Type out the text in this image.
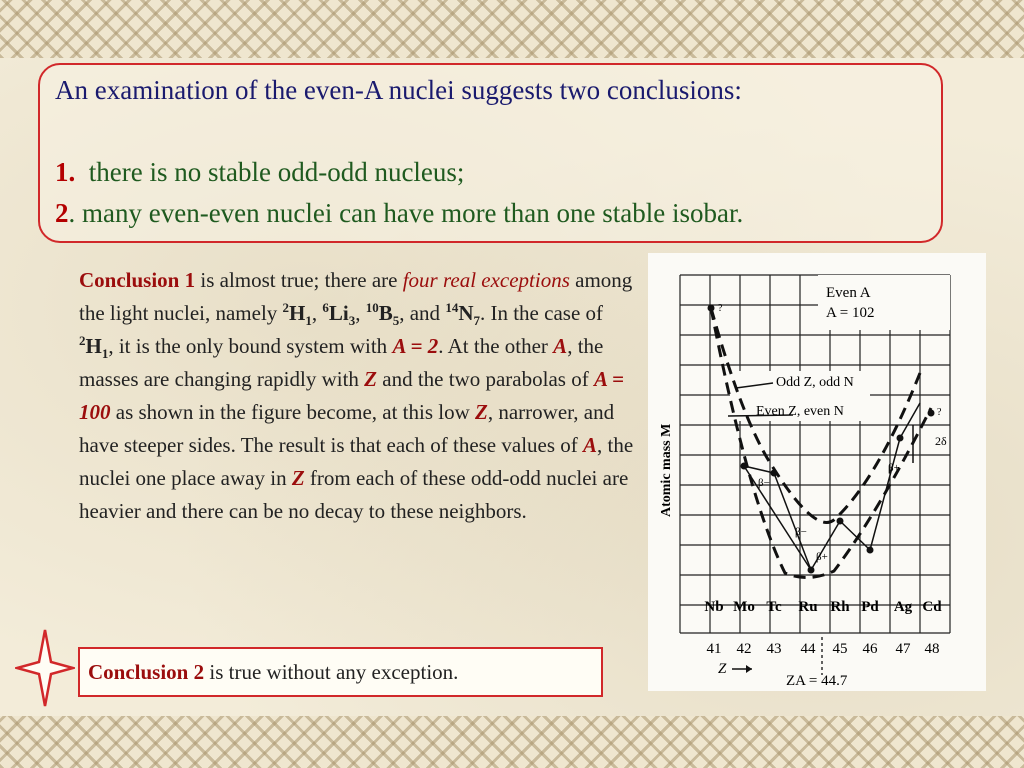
An examination of the even-A nuclei suggests two conclusions:
1. there is no stable odd-odd nucleus;
2. many even-even nuclei can have more than one stable isobar.
Conclusion 1 is almost true; there are four real exceptions among the light nuclei, namely $^2H_1$, $^6Li_3$, $^{10}B_5$, and $^{14}N_7$. In the case of $^2H_1$, it is the only bound system with A = 2. At the other A, the masses are changing rapidly with Z and the two parabolas of A = 100 as shown in the figure become, at this low Z, narrower, and have steeper sides. The result is that each of these values of A, the nuclei one place away in Z from each of these odd-odd nuclei are heavier and there can be no decay to these neighbors.
Conclusion 2 is true without any exception.
Even A
A = 102
Odd Z, odd N
Even Z, even N
?
?
2δ
β−
β−
β+
β+
Atomic mass M
Nb Mo Tc Ru Rh Pd Ag Cd
41 42 43 44 45 46 47 48
Z
ZA = 44.7
